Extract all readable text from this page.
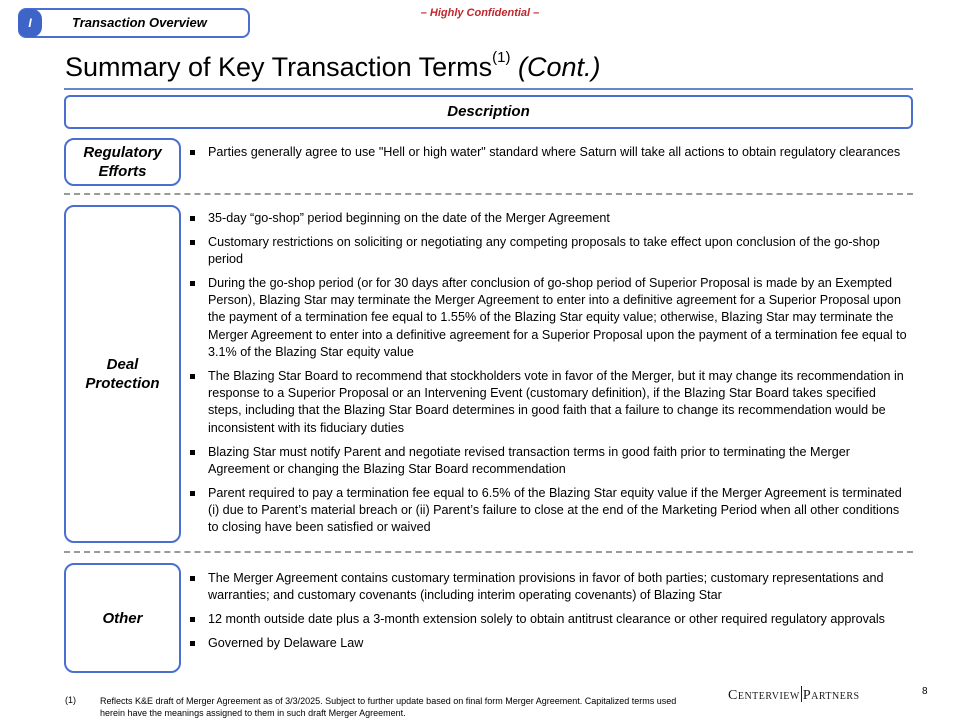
I	Transaction Overview
– Highly Confidential –
Summary of Key Transaction Terms$^{(1)}$ (Cont.)
Description
Regulatory
Efforts
Parties generally agree to use "Hell or high water" standard where Saturn will take all actions to obtain regulatory clearances
Deal
Protection
35-day “go-shop” period beginning on the date of the Merger Agreement
Customary restrictions on soliciting or negotiating any competing proposals to take effect upon conclusion of the go-shop period
During the go-shop period (or for 30 days after conclusion of go-shop period of Superior Proposal is made by an Exempted Person), Blazing Star may terminate the Merger Agreement to enter into a definitive agreement for a Superior Proposal upon the payment of a termination fee equal to 1.55% of the Blazing Star equity value; otherwise, Blazing Star may terminate the Merger Agreement to enter into a definitive agreement for a Superior Proposal upon the payment of a termination fee equal to 3.1% of the Blazing Star equity value
The Blazing Star Board to recommend that stockholders vote in favor of the Merger, but it may change its recommendation in response to a Superior Proposal or an Intervening Event (customary definition), if the Blazing Star Board takes specified steps, including that the Blazing Star Board determines in good faith that a failure to change its recommendation would be inconsistent with its fiduciary duties
Blazing Star must notify Parent and negotiate revised transaction terms in good faith prior to terminating the Merger Agreement or changing the Blazing Star Board recommendation
Parent required to pay a termination fee equal to 6.5% of the Blazing Star equity value if the Merger Agreement is terminated (i) due to Parent’s material breach or (ii) Parent’s failure to close at the end of the Marketing Period when all other conditions to closing have been satisfied or waived
Other
The Merger Agreement contains customary termination provisions in favor of both parties; customary representations and warranties; and customary covenants (including interim operating covenants) of Blazing Star
12 month outside date plus a 3-month extension solely to obtain antitrust clearance or other required regulatory approvals
Governed by Delaware Law
(1)	Reflects K&E draft of Merger Agreement as of 3/3/2025. Subject to further update based on final form Merger Agreement. Capitalized terms used herein have the meanings assigned to them in such draft Merger Agreement.
Centerview Partners	8
